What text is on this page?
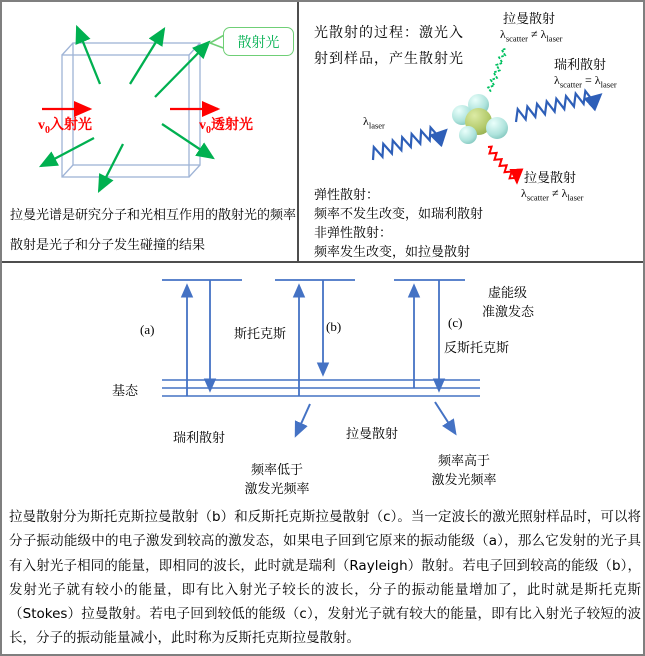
散射光
$v_0$入射光	$v_0$透射光
拉曼光谱是研究分子和光相互作用的散射光的频率
散射是光子和分子发生碰撞的结果
光散射的过程：激光入
射到样品，产生散射光
拉曼散射
$\lambda_{scatter} \ne \lambda_{laser}$
瑞利散射
$\lambda_{scatter} = \lambda_{laser}$
$\lambda_{laser}$
拉曼散射
$\lambda_{scatter} \ne \lambda_{laser}$
弹性散射：
频率不发生改变，如瑞利散射
非弹性散射：
频率发生改变，如拉曼散射
(a)	斯托克斯
(b)	(c)
反斯托克斯
虚能级
准激发态
基态
瑞利散射	拉曼散射
频率低于
激发光频率
频率高于
激发光频率
拉曼散射分为斯托克斯拉曼散射（b）和反斯托克斯拉曼散射（c）。当一定波长的激光照射样品时，可以将分子振动能级中的电子激发到较高的激发态，如果电子回到它原来的振动能级（a），那么它发射的光子具有入射光子相同的能量，即相同的波长，此时就是瑞利（Rayleigh）散射。若电子回到较高的能级（b），发射光子就有较小的能量，即有比入射光子较长的波长，分子的振动能量增加了，此时就是斯托克斯（Stokes）拉曼散射。若电子回到较低的能级（c），发射光子就有较大的能量，即有比入射光子较短的波长，分子的振动能量减小，此时称为反斯托克斯拉曼散射。
